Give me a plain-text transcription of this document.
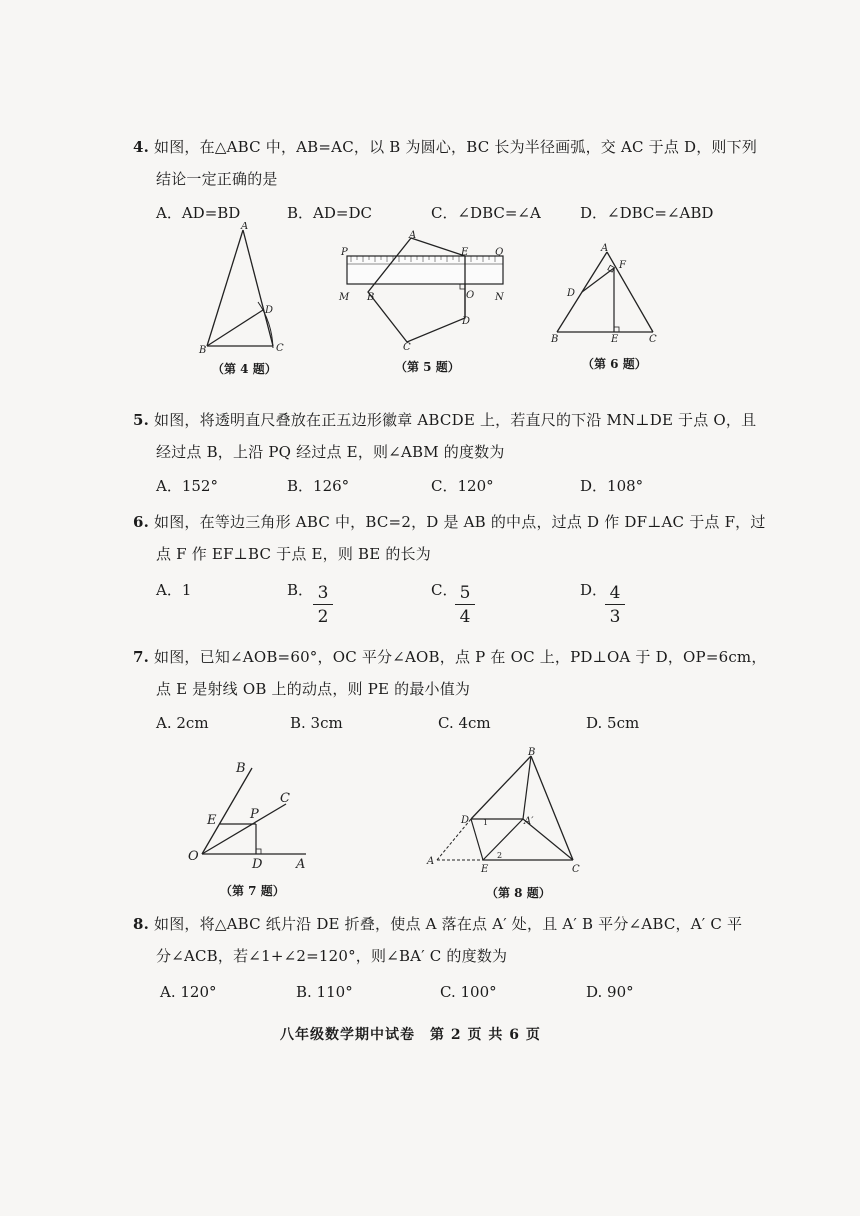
4. 如图，在△ABC 中，AB=AC，以 B 为圆心，BC 长为半径画弧，交 AC 于点 D，则下列
结论一定正确的是
A．AD=BD	B．AD=DC	C．∠DBC=∠A	D．∠DBC=∠ABD
A
D
B	C
（第 4 题）
P
A
E	Q
M B	O N
D
C
（第 5 题）
A
F
D
B	E	C
（第 6 题）
5. 如图，将透明直尺叠放在正五边形徽章 ABCDE 上，若直尺的下沿 MN⊥DE 于点 O，且
经过点 B，上沿 PQ 经过点 E，则∠ABM 的度数为
A．152°	B．126°	C．120°	D．108°
6. 如图，在等边三角形 ABC 中，BC=2，D 是 AB 的中点，过点 D 作 DF⊥AC 于点 F，过
点 F 作 EF⊥BC 于点 E，则 BE 的长为
A．1	B． $\frac{3}{2}$	C．
$\frac{5}{4}$	D．
$\frac{4}{3}$
7. 如图，已知∠AOB=60°，OC 平分∠AOB，点 P 在 OC 上，PD⊥OA 于 D，OP=6cm，
点 E 是射线 OB 上的动点，则 PE 的最小值为
A. 2cm	B. 3cm	C. 4cm	D. 5cm
B
C
E	P
O
D	A
（第 7 题）
B
D 1	A′
A
2
E	C
（第 8 题）
8. 如图，将△ABC 纸片沿 DE 折叠，使点 A 落在点 A′ 处，且 A′ B 平分∠ABC，A′ C 平
分∠ACB，若∠1+∠2=120°，则∠BA′ C 的度数为
A. 120°	B. 110°	C. 100°	D. 90°
八年级数学期中试卷　第 2 页 共 6 页
